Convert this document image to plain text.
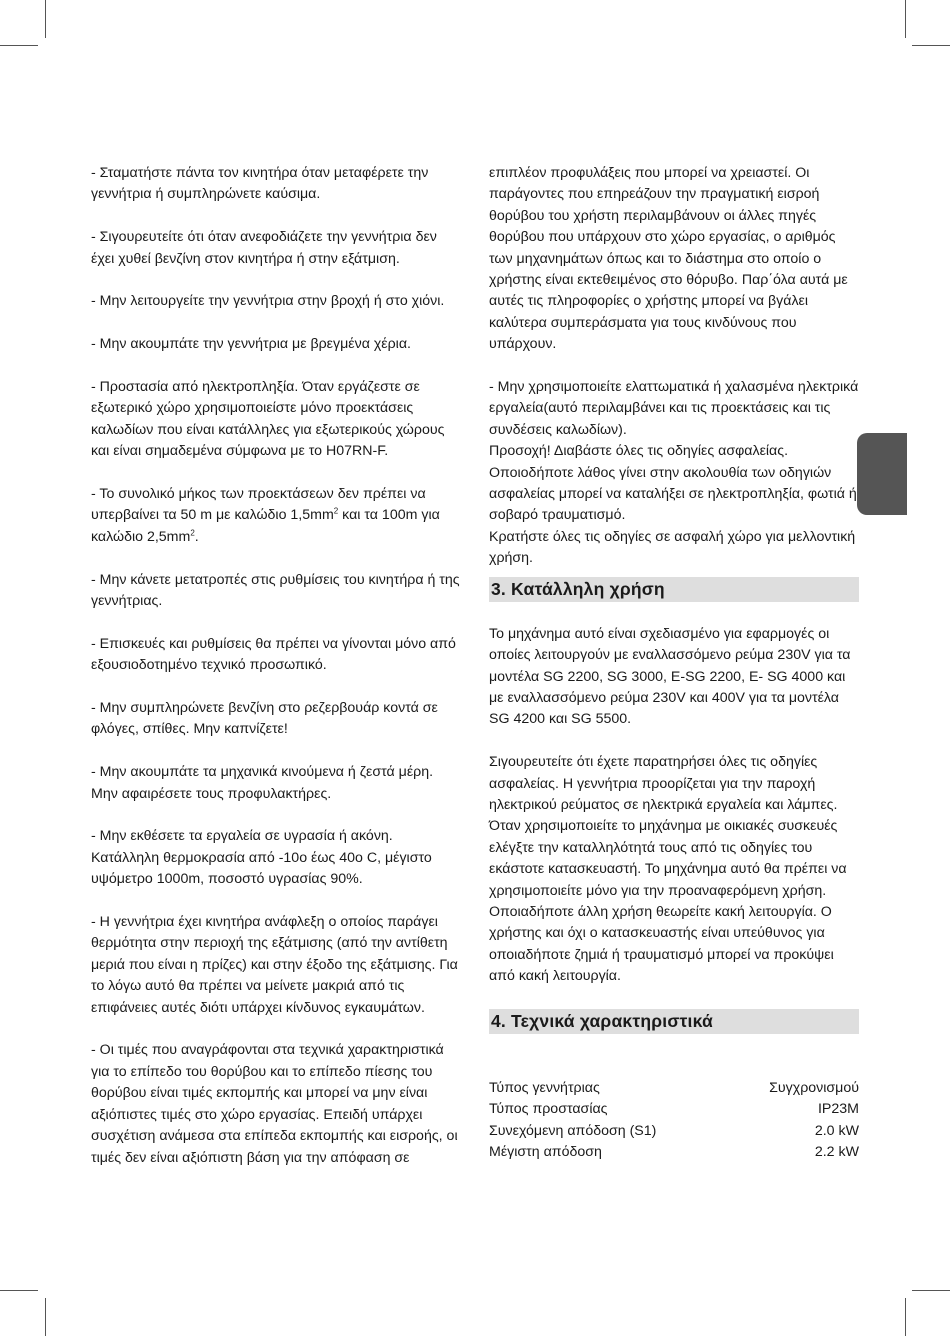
- Σταματήστε πάντα τον κινητήρα όταν μεταφέρετε την γεννήτρια ή συμπληρώνετε καύσιμα.

- Σιγουρευτείτε ότι όταν ανεφοδιάζετε την γεννήτρια δεν έχει χυθεί βενζίνη στον κινητήρα ή στην εξάτμιση.

- Μην λειτουργείτε την γεννήτρια στην βροχή ή στο χιόνι.

- Μην ακουμπάτε την γεννήτρια με βρεγμένα χέρια.

- Προστασία από ηλεκτροπληξία. Όταν εργάζεστε σε εξωτερικό χώρο χρησιμοποιείστε μόνο προεκτάσεις καλωδίων που είναι κατάλληλες για εξωτερικούς χώρους και είναι σημαδεμένα σύμφωνα με το H07RN-F.

- Το συνολικό μήκος των προεκτάσεων δεν πρέπει να υπερβαίνει τα 50 m με καλώδιο $1,5mm^2$ και τα 100m για καλώδιο $2,5mm^2$.

- Μην κάνετε μετατροπές στις ρυθμίσεις του κινητήρα ή της γεννήτριας.

- Επισκευές και ρυθμίσεις θα πρέπει να γίνονται μόνο από εξουσιοδοτημένο τεχνικό προσωπικό.

- Μην συμπληρώνετε βενζίνη στο ρεζερβουάρ κοντά σε φλόγες, σπίθες. Μην καπνίζετε!

- Μην ακουμπάτε τα μηχανικά κινούμενα ή ζεστά μέρη. Μην αφαιρέσετε τους προφυλακτήρες.

- Μην εκθέσετε τα εργαλεία σε υγρασία ή ακόνη. Κατάλληλη θερμοκρασία από -10ο έως 40ο C, μέγιστο υψόμετρο 1000m, ποσοστό υγρασίας 90%.

- Η γεννήτρια έχει κινητήρα ανάφλεξη ο οποίος παράγει θερμότητα στην περιοχή της εξάτμισης (από την αντίθετη μεριά που είναι η πρίζες) και στην έξοδο της εξάτμισης. Για το λόγω αυτό θα πρέπει να μείνετε μακριά από τις επιφάνειες αυτές διότι υπάρχει κίνδυνος εγκαυμάτων.

- Οι τιμές που αναγράφονται στα τεχνικά χαρακτηριστικά για το επίπεδο του θορύβου και το επίπεδο πίεσης του θορύβου είναι τιμές εκπομπής και μπορεί να μην είναι αξιόπιστες τιμές στο χώρο εργασίας. Επειδή υπάρχει συσχέτιση ανάμεσα στα επίπεδα εκπομπής και εισροής, οι τιμές δεν είναι αξιόπιστη βάση για την απόφαση σε

επιπλέον προφυλάξεις που μπορεί να χρειαστεί. Οι παράγοντες που επηρεάζουν την πραγματική εισροή θορύβου του χρήστη περιλαμβάνουν οι άλλες πηγές θορύβου που υπάρχουν στο χώρο εργασίας, ο αριθμός των μηχανημάτων όπως και το διάστημα στο οποίο ο χρήστης είναι εκτεθειμένος στο θόρυβο. Παρ΄όλα αυτά με αυτές τις πληροφορίες ο χρήστης μπορεί να βγάλει καλύτερα συμπεράσματα για τους κινδύνους που υπάρχουν.

- Μην χρησιμοποιείτε ελαττωματικά ή χαλασμένα ηλεκτρικά εργαλεία(αυτό περιλαμβάνει και τις προεκτάσεις και τις συνδέσεις καλωδίων).

Προσοχή! Διαβάστε όλες τις οδηγίες ασφαλείας.

Οποιοδήποτε λάθος γίνει στην ακολουθία των οδηγιών ασφαλείας μπορεί να καταλήξει σε ηλεκτροπληξία, φωτιά ή σοβαρό τραυματισμό.

Κρατήστε όλες τις οδηγίες σε ασφαλή χώρο για μελλοντική χρήση.

3. Κατάλληλη χρήση

Το μηχάνημα αυτό είναι σχεδιασμένο για εφαρμογές οι οποίες λειτουργούν με εναλλασσόμενο ρεύμα 230V για τα μοντέλα SG 2200, SG 3000, E-SG 2200, E- SG 4000 και με εναλλασσόμενο ρεύμα 230V και 400V για τα μοντέλα SG 4200 και SG 5500.

Σιγουρευτείτε ότι έχετε παρατηρήσει όλες τις οδηγίες ασφαλείας. Η γεννήτρια προορίζεται για την παροχή ηλεκτρικού ρεύματος σε ηλεκτρικά εργαλεία και λάμπες. Όταν χρησιμοποιείτε το μηχάνημα με οικιακές συσκευές ελέγξτε την καταλληλότητά τους από τις οδηγίες του εκάστοτε κατασκευαστή. Το μηχάνημα αυτό θα πρέπει να χρησιμοποιείτε μόνο για την προαναφερόμενη χρήση. Οποιαδήποτε άλλη χρήση θεωρείτε κακή λειτουργία. Ο χρήστης και όχι ο κατασκευαστής είναι υπεύθυνος για οποιαδήποτε ζημιά ή τραυματισμό μπορεί να προκύψει από κακή λειτουργία.

4. Τεχνικά χαρακτηριστικά
Τύπος γεννήτριας	Συγχρονισμού
Τύπος προστασίας	IP23M
Συνεχόμενη απόδοση (S1)	2.0 kW
Μέγιστη απόδοση	2.2 kW
